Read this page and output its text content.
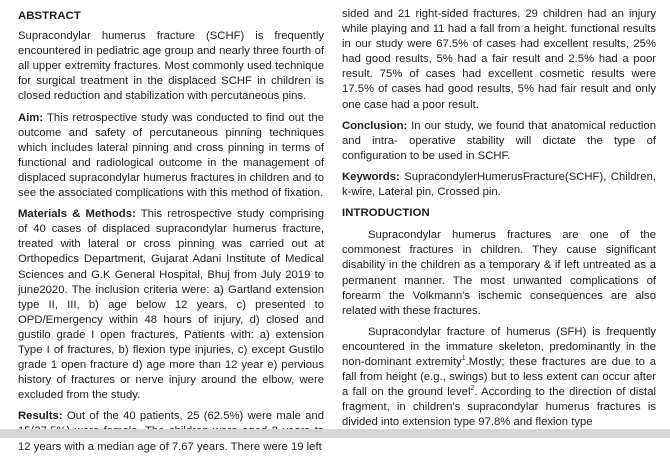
ABSTRACT

Supracondylar humerus fracture (SCHF) is frequently encountered in pediatric age group and nearly three fourth of all upper extremity fractures. Most commonly used technique for surgical treatment in the displaced SCHF in children is closed reduction and stabilization with percutaneous pins.

Aim: This retrospective study was conducted to find out the outcome and safety of percutaneous pinning techniques which includes lateral pinning and cross pinning in terms of functional and radiological outcome in the management of displaced supracondylar humerus fractures in children and to see the associated complications with this method of fixation.

Materials & Methods: This retrospective study comprising of 40 cases of displaced supracondylar humerus fracture, treated with lateral or cross pinning was carried out at Orthopedics Department, Gujarat Adani Institute of Medical Sciences and G.K General Hospital, Bhuj from July 2019 to june2020. The inclusion criteria were: a) Gartland extension type II, III, b) age below 12 years, c) presented to OPD/Emergency within 48 hours of injury, d) closed and gustilo grade I open fractures, Patients with: a) extension Type I of fractures, b) flexion type injuries, c) except Gustilo grade 1 open fracture d) age more than 12 year e) pervious history of fractures or nerve injury around the elbow, were excluded from the study.

Results: Out of the 40 patients, 25 (62.5%) were male and 12 years with a median age of 7.67 years. There were 19 left

sided and 21 right-sided fractures. 29 children had an injury while playing and 11 had a fall from a height. functional results in our study were 67.5% of cases had excellent results, 25% had good results, 5% had a fair result and 2.5% had a poor result. 75% of cases had excellent cosmetic results were 17.5% of cases had good results, 5% had fair result and only one case had a poor result.

Conclusion: In our study, we found that anatomical reduction and intra- operative stability will dictate the type of configuration to be used in SCHF.

Keywords: SupracondylerHumerusFracture(SCHF), Children, k-wire, Lateral pin, Crossed pin.

INTRODUCTION

Supracondylar humerus fractures are one of the commonest fractures in children. They cause significant disability in the children as a temporary & if left untreated as a permanent manner. The most unwanted complications of forearm the Volkmann's ischemic consequences are also related with these fractures.

Supracondylar fracture of humerus (SFH) is frequently encountered in the immature skeleton, predominantly in the non-dominant extremity$^1$.Mostly; these fractures are due to a fall from height (e.g., swings) but to less extent can occur after a fall on the ground level$^2$. According to the direction of distal fragment, in children's supracondylar humerus fractures is divided into extension type 97.8% and flexion type
